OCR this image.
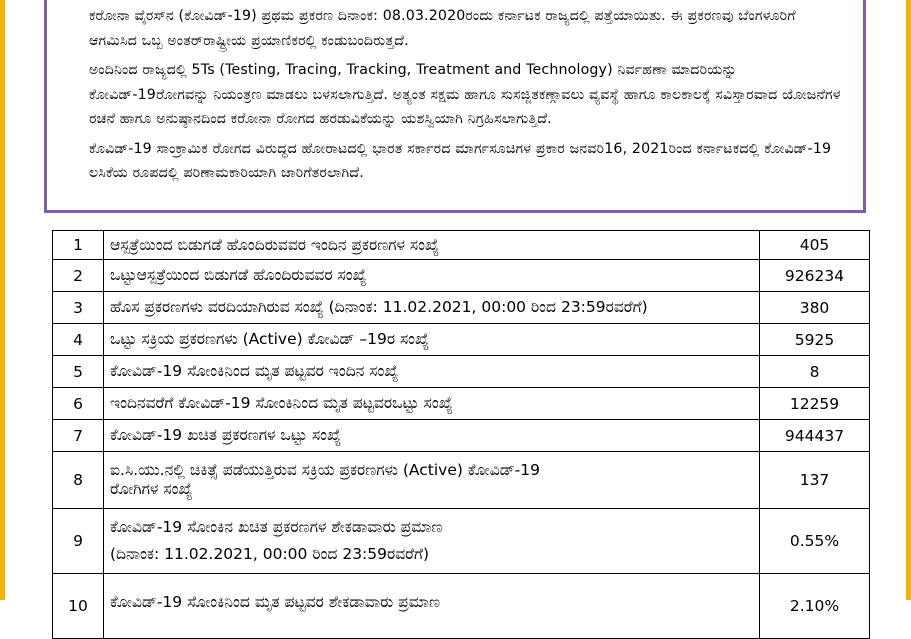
ಕರೋನಾ ವೈರಸ್‌ನ (ಕೋವಿಡ್-19) ಪ್ರಥಮ ಪ್ರಕರಣ ದಿನಾಂಕ: 08.03.2020ರಂದು ಕರ್ನಾಟಕ ರಾಜ್ಯದಲ್ಲಿ ಪತ್ತೆಯಾಯಿತು. ಈ ಪ್ರಕರಣವು ಬೆಂಗಳೂರಿಗೆ ಆಗಮಿಸಿದ ಒಬ್ಬ ಅಂತರ್‌ರಾಷ್ಟ್ರೀಯ ಪ್ರಯಾಣಿಕರಲ್ಲಿ ಕಂಡುಬಂದಿರುತ್ತದೆ.

ಅಂದಿನಿಂದ ರಾಜ್ಯದಲ್ಲಿ 5Ts (Testing, Tracing, Tracking, Treatment and Technology) ನಿರ್ವಹಣಾ ಮಾದರಿಯನ್ನು ಕೋವಿಡ್-19ರೋಗವನ್ನು ನಿಯಂತ್ರಣ ಮಾಡಲು ಬಳಸಲಾಗುತ್ತಿದೆ. ಅತ್ಯಂತ ಸಕ್ಷಮ ಹಾಗೂ ಸುಸಜ್ಜಿತಕಣ್ಗಾವಲು ವ್ಯವಸ್ಥೆ ಹಾಗೂ ಕಾಲಕಾಲಕ್ಕೆ ಸವಿಸ್ತಾರವಾದ ಯೋಜನೆಗಳ ರಚನೆ ಹಾಗೂ ಅನುಷ್ಠಾನದಿಂದ ಕರೋನಾ ರೋಗದ ಹರಡುವಿಕೆಯನ್ನು ಯಶಸ್ವಿಯಾಗಿ ನಿಗ್ರಹಿಸಲಾಗುತ್ತಿದೆ.

ಕೊವಿಡ್-19 ಸಾಂಕ್ರಾಮಿಕ ರೋಗದ ವಿರುದ್ಧದ ಹೋರಾಟದಲ್ಲಿ ಭಾರತ ಸರ್ಕಾರದ ಮಾರ್ಗಸೂಚಿಗಳ ಪ್ರಕಾರ ಜನವರಿ16, 2021ರಿಂದ ಕರ್ನಾಟಕದಲ್ಲಿ ಕೋವಿಡ್-19 ಲಸಿಕೆಯ ರೂಪದಲ್ಲಿ ಪರಿಣಾಮಕಾರಿಯಾಗಿ ಜಾರಿಗೆತರಲಾಗಿದೆ.

1	ಆಸ್ಪತ್ರೆಯಿಂದ ಬಿಡುಗಡೆ ಹೊಂದಿರುವವರ ಇಂದಿನ ಪ್ರಕರಣಗಳ ಸಂಖ್ಯೆ	405
2	ಒಟ್ಟುಆಸ್ಪತ್ರೆಯಿಂದ ಬಿಡುಗಡೆ ಹೊಂದಿರುವವರ ಸಂಖ್ಯೆ	926234
3	ಹೊಸ ಪ್ರಕರಣಗಳು ವರದಿಯಾಗಿರುವ ಸಂಖ್ಯೆ (ದಿನಾಂಕ: 11.02.2021, 00:00 ರಿಂದ 23:59ರವರೆಗೆ)	380
4	ಒಟ್ಟು ಸಕ್ರಿಯ ಪ್ರಕರಣಗಳು (Active) ಕೋವಿಡ್ –19ರ ಸಂಖ್ಯೆ	5925
5	ಕೋವಿಡ್-19 ಸೋಂಕಿನಿಂದ ಮೃತ ಪಟ್ಟವರ ಇಂದಿನ ಸಂಖ್ಯೆ	8
6	ಇಂದಿನವರೆಗೆ ಕೋವಿಡ್-19 ಸೋಂಕಿನಿಂದ ಮೃತ ಪಟ್ಟವರಒಟ್ಟು ಸಂಖ್ಯೆ	12259
7	ಕೋವಿಡ್-19 ಖಚಿತ ಪ್ರಕರಣಗಳ ಒಟ್ಟು ಸಂಖ್ಯೆ	944437
8	ಐ.ಸಿ.ಯು.ನಲ್ಲಿ ಚಿಕಿತ್ಸೆ ಪಡೆಯುತ್ತಿರುವ ಸಕ್ರಿಯ ಪ್ರಕರಣಗಳು (Active) ಕೋವಿಡ್-19
ರೋಗಿಗಳ ಸಂಖ್ಯೆ	137
9	ಕೋವಿಡ್-19 ಸೋಂಕಿನ ಖಚಿತ ಪ್ರಕರಣಗಳ ಶೇಕಡಾವಾರು ಪ್ರಮಾಣ
(ದಿನಾಂಕ: 11.02.2021, 00:00 ರಿಂದ 23:59ರವರೆಗೆ)	0.55%
10	ಕೋವಿಡ್-19 ಸೋಂಕಿನಿಂದ ಮೃತ ಪಟ್ಟವರ ಶೇಕಡಾವಾರು ಪ್ರಮಾಣ	2.10%
